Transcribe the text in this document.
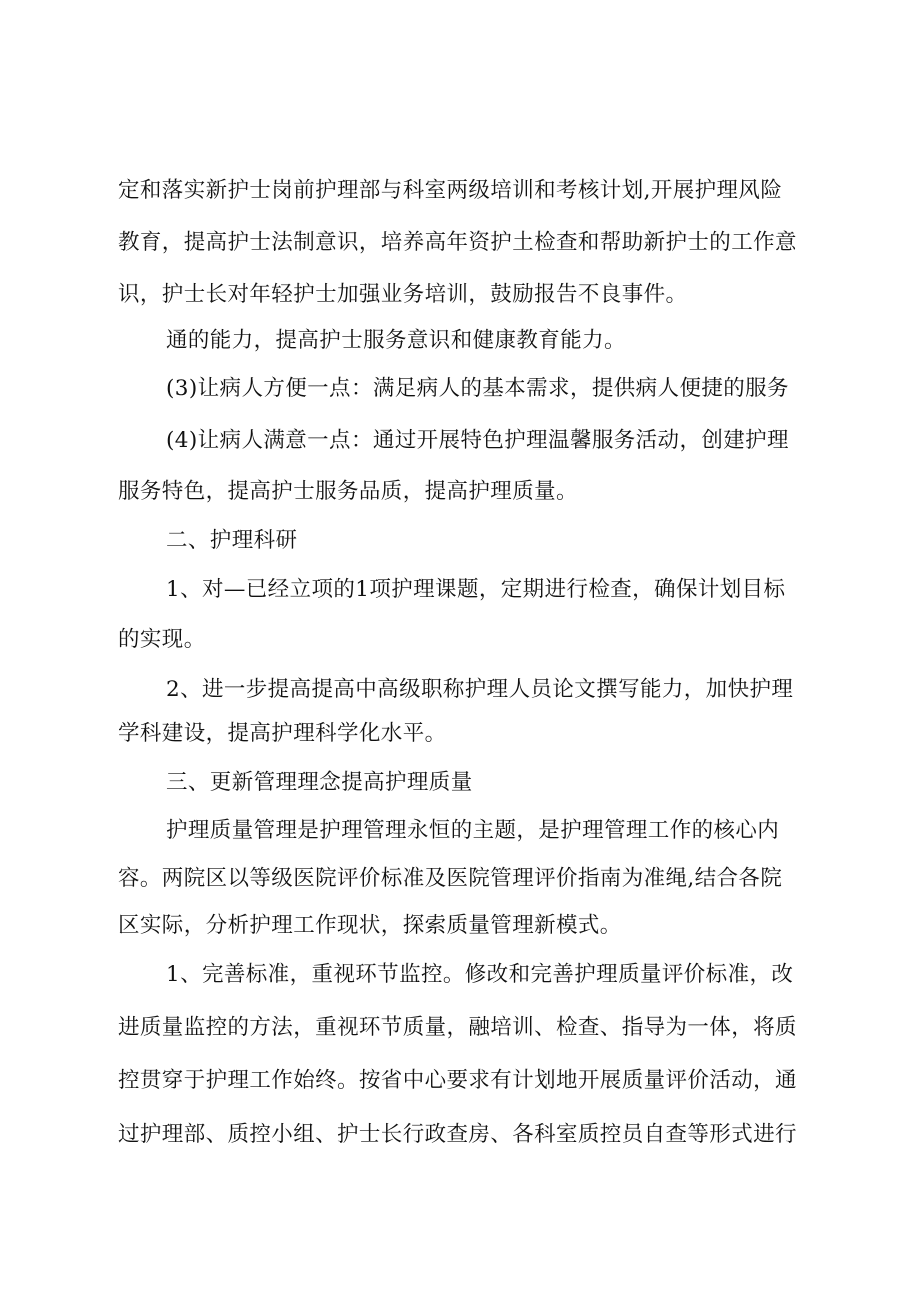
定和落实新护士岗前护理部与科室两级培训和考核计划,开展护理风险
教育，提高护士法制意识，培养高年资护土检查和帮助新护士的工作意
识，护士长对年轻护士加强业务培训，鼓励报告不良事件。
通的能力，提高护士服务意识和健康教育能力。
(3)让病人方便一点：满足病人的基本需求，提供病人便捷的服务
(4)让病人满意一点：通过开展特色护理温馨服务活动，创建护理
服务特色，提高护士服务品质，提高护理质量。
二、护理科研
1、对—已经立项的1项护理课题，定期进行检查，确保计划目标
的实现。
2、进一步提高提高中高级职称护理人员论文撰写能力，加快护理
学科建设，提高护理科学化水平。
三、更新管理理念提高护理质量
护理质量管理是护理管理永恒的主题，是护理管理工作的核心内
容。两院区以等级医院评价标准及医院管理评价指南为准绳,结合各院
区实际，分析护理工作现状，探索质量管理新模式。
1、完善标准，重视环节监控。修改和完善护理质量评价标准，改
进质量监控的方法，重视环节质量，融培训、检查、指导为一体，将质
控贯穿于护理工作始终。按省中心要求有计划地开展质量评价活动，通
过护理部、质控小组、护士长行政查房、各科室质控员自查等形式进行
